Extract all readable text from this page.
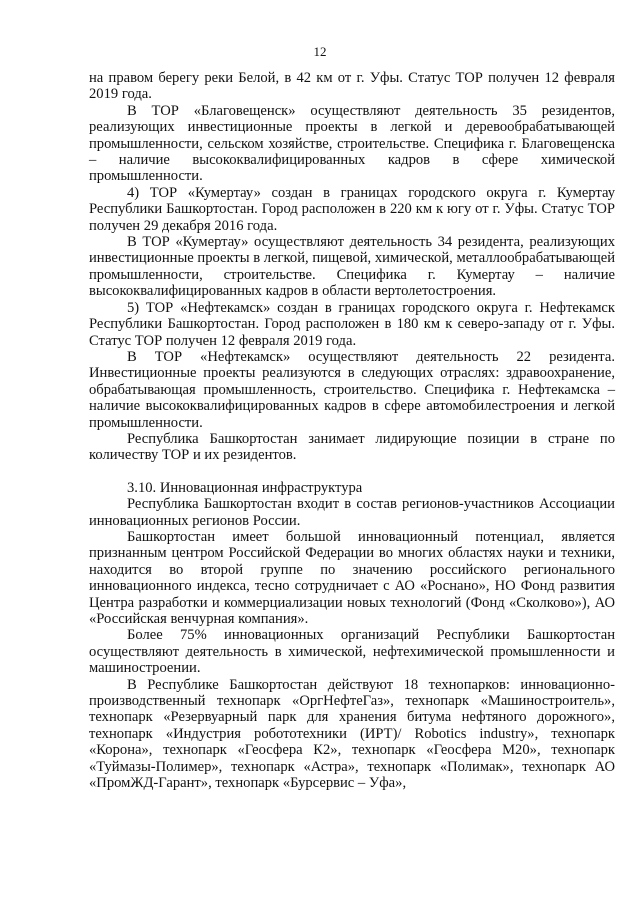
12

на правом берегу реки Белой, в 42 км от г. Уфы. Статус ТОР получен 12 февраля 2019 года.

В ТОР «Благовещенск» осуществляют деятельность 35 резидентов, реализующих инвестиционные проекты в легкой и деревообрабатывающей промышленности, сельском хозяйстве, строительстве. Специфика г. Благовещенска – наличие высококвалифицированных кадров в сфере химической промышленности.

4) ТОР «Кумертау» создан в границах городского округа г. Кумертау Республики Башкортостан. Город расположен в 220 км к югу от г. Уфы. Статус ТОР получен 29 декабря 2016 года.

В ТОР «Кумертау» осуществляют деятельность 34 резидента, реализующих инвестиционные проекты в легкой, пищевой, химической, металлообрабатывающей промышленности, строительстве. Специфика г. Кумертау – наличие высококвалифицированных кадров в области вертолетостроения.

5) ТОР «Нефтекамск» создан в границах городского округа г. Нефтекамск Республики Башкортостан. Город расположен в 180 км к северо-западу от г. Уфы. Статус ТОР получен 12 февраля 2019 года.

В ТОР «Нефтекамск» осуществляют деятельность 22 резидента. Инвестиционные проекты реализуются в следующих отраслях: здравоохранение, обрабатывающая промышленность, строительство. Специфика г. Нефтекамска – наличие высококвалифицированных кадров в сфере автомобилестроения и легкой промышленности.

Республика Башкортостан занимает лидирующие позиции в стране по количеству ТОР и их резидентов.

3.10. Инновационная инфраструктура

Республика Башкортостан входит в состав регионов-участников Ассоциации инновационных регионов России.

Башкортостан имеет большой инновационный потенциал, является признанным центром Российской Федерации во многих областях науки и техники, находится во второй группе по значению российского регионального инновационного индекса, тесно сотрудничает с АО «Роснано», НО Фонд развития Центра разработки и коммерциализации новых технологий (Фонд «Сколково»), АО «Российская венчурная компания».

Более 75% инновационных организаций Республики Башкортостан осуществляют деятельность в химической, нефтехимической промышленности и машиностроении.

В Республике Башкортостан действуют 18 технопарков: инновационно-производственный технопарк «ОргНефтеГаз», технопарк «Машиностроитель», технопарк «Резервуарный парк для хранения битума нефтяного дорожного», технопарк «Индустрия робототехники (ИРТ)/ Robotics industry», технопарк «Корона», технопарк «Геосфера К2», технопарк «Геосфера М20», технопарк «Туймазы-Полимер», технопарк «Астра», технопарк «Полимак», технопарк АО «ПромЖД-Гарант», технопарк «Бурсервис – Уфа»,
